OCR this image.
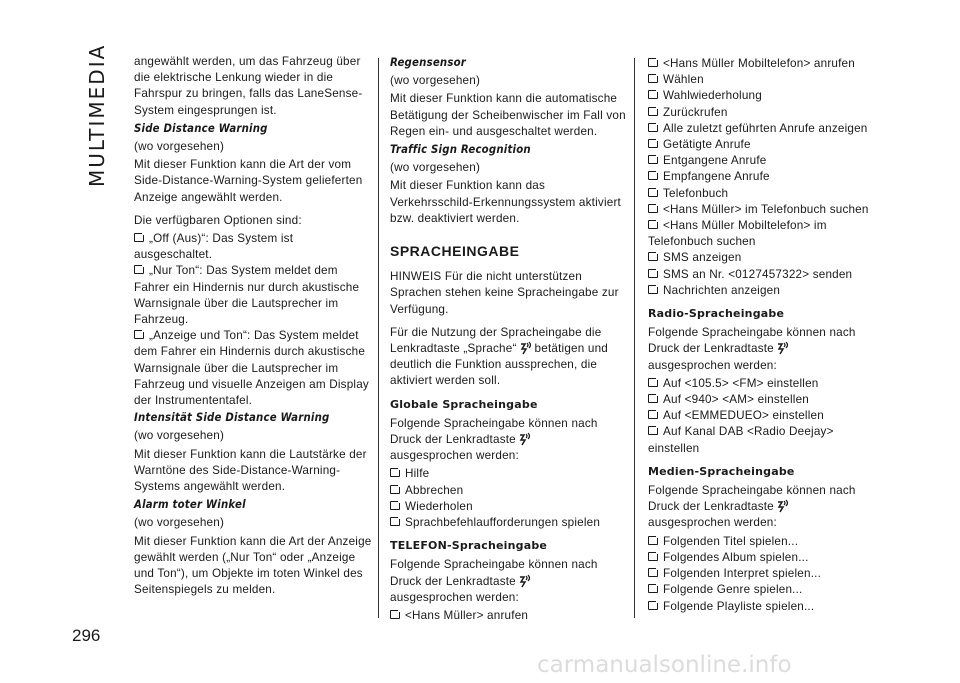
MULTIMEDIA angewählt werden, um das Fahrzeug über die elektrische Lenkung wieder in die Fahrspur zu bringen, falls das LaneSense-System eingesprungen ist.

Side Distance Warning

(wo vorgesehen)

Mit dieser Funktion kann die Art der vom Side-Distance-Warning-System gelieferten Anzeige angewählt werden.

Die verfügbaren Optionen sind:

„Off (Aus)“: Das System ist ausgeschaltet.

„Nur Ton“: Das System meldet dem Fahrer ein Hindernis nur durch akustische Warnsignale über die Lautsprecher im Fahrzeug.

„Anzeige und Ton“: Das System meldet dem Fahrer ein Hindernis durch akustische Warnsignale über die Lautsprecher im Fahrzeug und visuelle Anzeigen am Display der Instrumententafel.

Intensität Side Distance Warning

(wo vorgesehen)

Mit dieser Funktion kann die Lautstärke der Warntöne des Side-Distance-Warning-Systems angewählt werden.

Alarm toter Winkel

(wo vorgesehen)

Mit dieser Funktion kann die Art der Anzeige gewählt werden („Nur Ton“ oder „Anzeige und Ton“), um Objekte im toten Winkel des Seitenspiegels zu melden.

Regensensor

(wo vorgesehen)

Mit dieser Funktion kann die automatische Betätigung der Scheibenwischer im Fall von Regen ein- und ausgeschaltet werden.

Traffic Sign Recognition

(wo vorgesehen)

Mit dieser Funktion kann das Verkehrsschild-Erkennungssystem aktiviert bzw. deaktiviert werden.

SPRACHEINGABE

HINWEIS Für die nicht unterstützen Sprachen stehen keine Spracheingabe zur Verfügung.

Für die Nutzung der Spracheingabe die Lenkradtaste „Sprache“ betätigen und deutlich die Funktion aussprechen, die aktiviert werden soll.

Globale Spracheingabe

Folgende Spracheingabe können nach Druck der Lenkradtaste
ausgesprochen werden:

Hilfe

Abbrechen

Wiederholen

Sprachbefehlaufforderungen spielen

TELEFON-Spracheingabe

Folgende Spracheingabe können nach Druck der Lenkradtaste
ausgesprochen werden:

<Hans Müller> anrufen

<Hans Müller Mobiltelefon> anrufen

Wählen

Wahlwiederholung

Zurückrufen

Alle zuletzt geführten Anrufe anzeigen

Getätigte Anrufe

Entgangene Anrufe

Empfangene Anrufe

Telefonbuch

<Hans Müller> im Telefonbuch suchen

<Hans Müller Mobiltelefon> im Telefonbuch suchen

SMS anzeigen

SMS an Nr. <0127457322> senden

Nachrichten anzeigen

Radio-Spracheingabe

Folgende Spracheingabe können nach Druck der Lenkradtaste
ausgesprochen werden:

Auf <105.5> <FM> einstellen

Auf <940> <AM> einstellen

Auf <EMMEDUEO> einstellen

Auf Kanal DAB <Radio Deejay> einstellen

Medien-Spracheingabe

Folgende Spracheingabe können nach Druck der Lenkradtaste
ausgesprochen werden:

Folgenden Titel spielen...

Folgendes Album spielen...

Folgenden Interpret spielen...

Folgende Genre spielen...

Folgende Playliste spielen...

296
carmanualsonline.info
